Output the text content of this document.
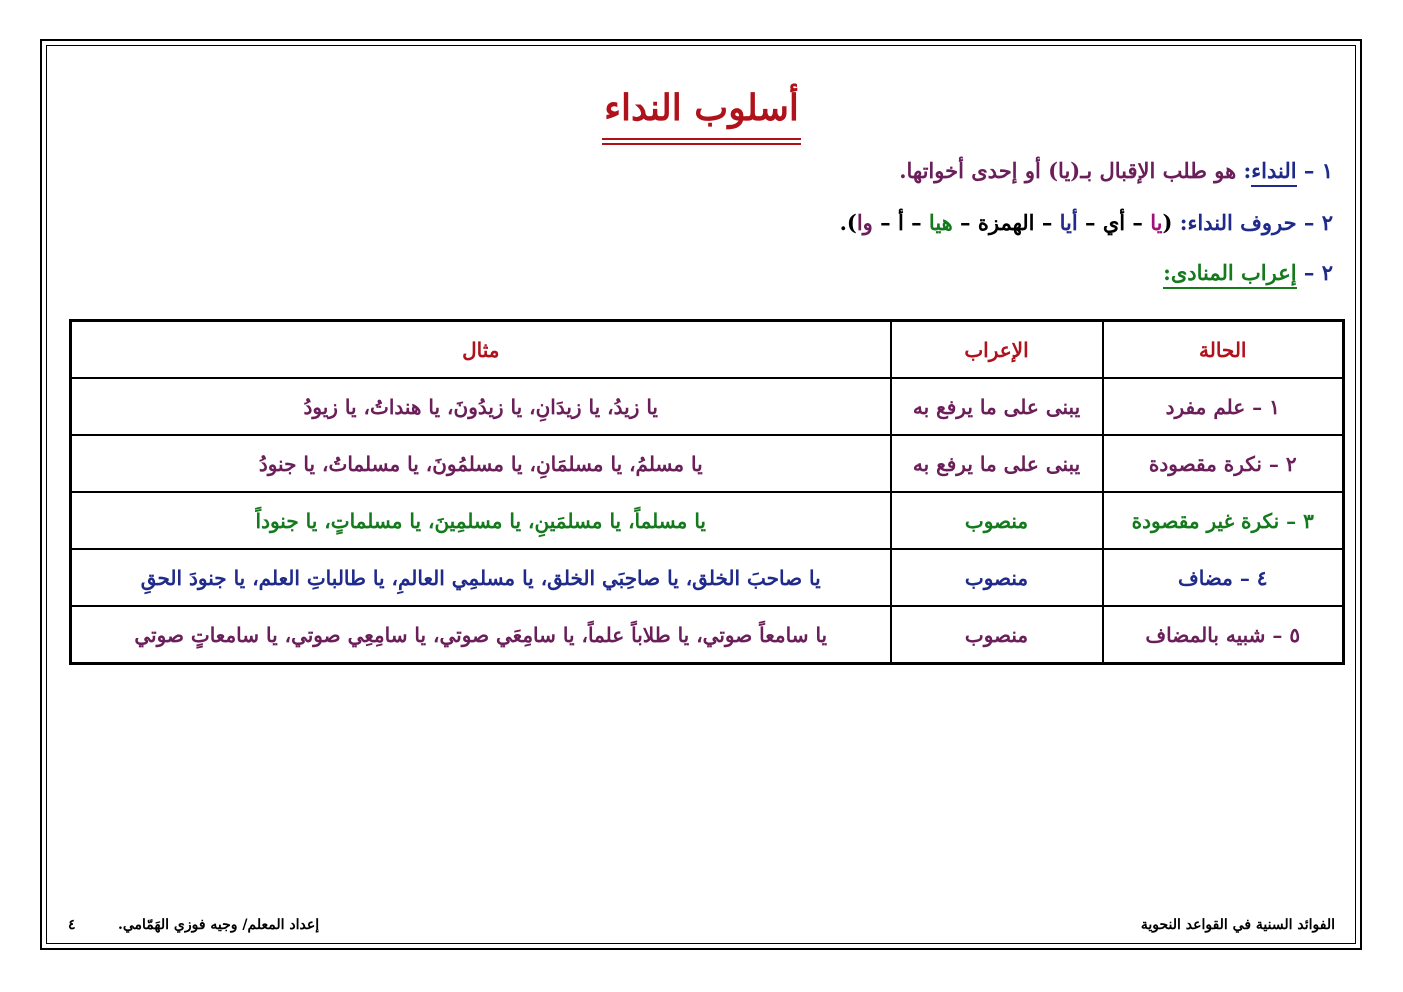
أسلوب النداء
١ – النداء: هو طلب الإقبال بـ(يا) أو إحدى أخواتها.
٢ – حروف النداء: (يا – أي – أيا – الهمزة – هيا – أ – وا).
٢ – إعراب المنادى:
الحالة	الإعراب	مثال
١ – علم مفرد	يبنى على ما يرفع به	يا زيدُ، يا زيدَانِ، يا زيدُونَ، يا هنداتُ، يا زيودُ
٢ – نكرة مقصودة	يبنى على ما يرفع به	يا مسلمُ، يا مسلمَانِ، يا مسلمُونَ، يا مسلماتُ، يا جنودُ
٣ – نكرة غير مقصودة	منصوب	يا مسلماً، يا مسلمَينِ، يا مسلمِينَ، يا مسلماتٍ، يا جنوداً
٤ – مضاف	منصوب	يا صاحبَ الخلق، يا صاحِبَي الخلق، يا مسلمِي العالمِ، يا طالباتِ العلم، يا جنودَ الحقِ
٥ – شبيه بالمضاف	منصوب	يا سامعاً صوتي، يا طلاباً علماً، يا سامِعَي صوتي، يا سامِعِي صوتي، يا سامعاتٍ صوتي
الفوائد السنية في القواعد النحوية
إعداد المعلم/ وجيه فوزي الهَمّامي.
٤
